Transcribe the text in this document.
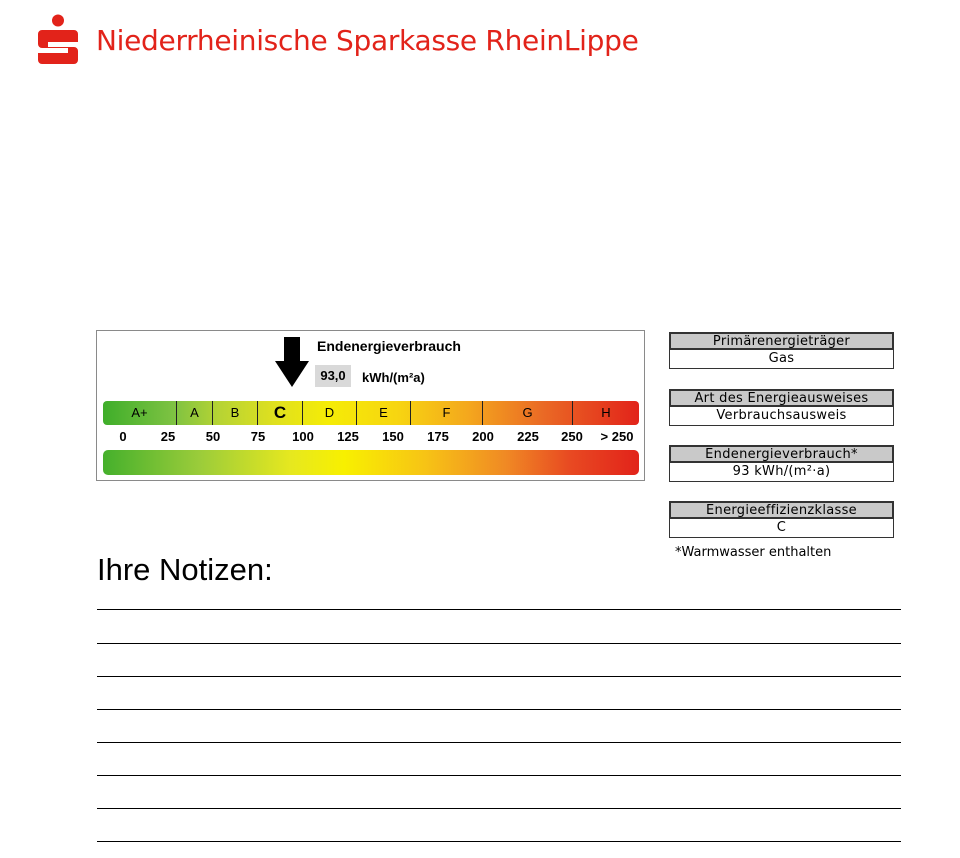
Niederrheinische Sparkasse RheinLippe
Endenergieverbrauch
93,0	kWh/(m²a)
A+	A	B	C	D	E	F	G	H
0	25 50 75 100 125 150 175 200 225 250 > 250
Primärenergieträger
Gas
Art des Energieausweises
Verbrauchsausweis
Endenergieverbrauch*
93 kWh/(m²·a)
Energieeffizienzklasse
C
*Warmwasser enthalten
Ihre Notizen:
